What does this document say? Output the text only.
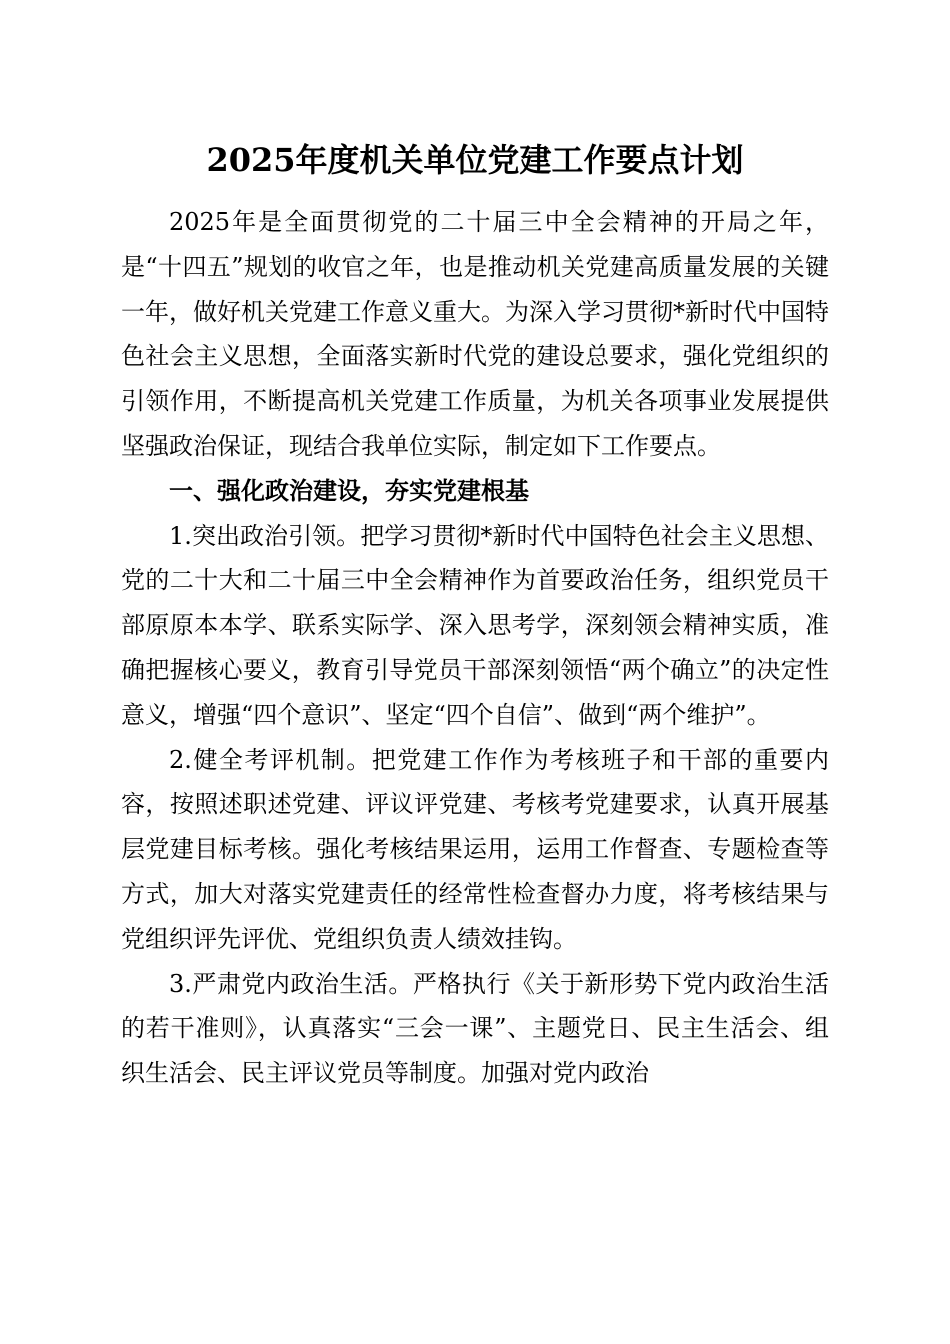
2025年度机关单位党建工作要点计划

2025年是全面贯彻党的二十届三中全会精神的开局之年，是“十四五”规划的收官之年，也是推动机关党建高质量发展的关键一年，做好机关党建工作意义重大。为深入学习贯彻*新时代中国特色社会主义思想，全面落实新时代党的建设总要求，强化党组织的引领作用，不断提高机关党建工作质量，为机关各项事业发展提供坚强政治保证，现结合我单位实际，制定如下工作要点。

一、强化政治建设，夯实党建根基

1.突出政治引领。把学习贯彻*新时代中国特色社会主义思想、党的二十大和二十届三中全会精神作为首要政治任务，组织党员干部原原本本学、联系实际学、深入思考学，深刻领会精神实质，准确把握核心要义，教育引导党员干部深刻领悟“两个确立”的决定性意义，增强“四个意识”、坚定“四个自信”、做到“两个维护”。

2.健全考评机制。把党建工作作为考核班子和干部的重要内容，按照述职述党建、评议评党建、考核考党建要求，认真开展基层党建目标考核。强化考核结果运用，运用工作督查、专题检查等方式，加大对落实党建责任的经常性检查督办力度，将考核结果与党组织评先评优、党组织负责人绩效挂钩。

3.严肃党内政治生活。严格执行《关于新形势下党内政治生活的若干准则》，认真落实“三会一课”、主题党日、民主生活会、组织生活会、民主评议党员等制度。加强对党内政治
